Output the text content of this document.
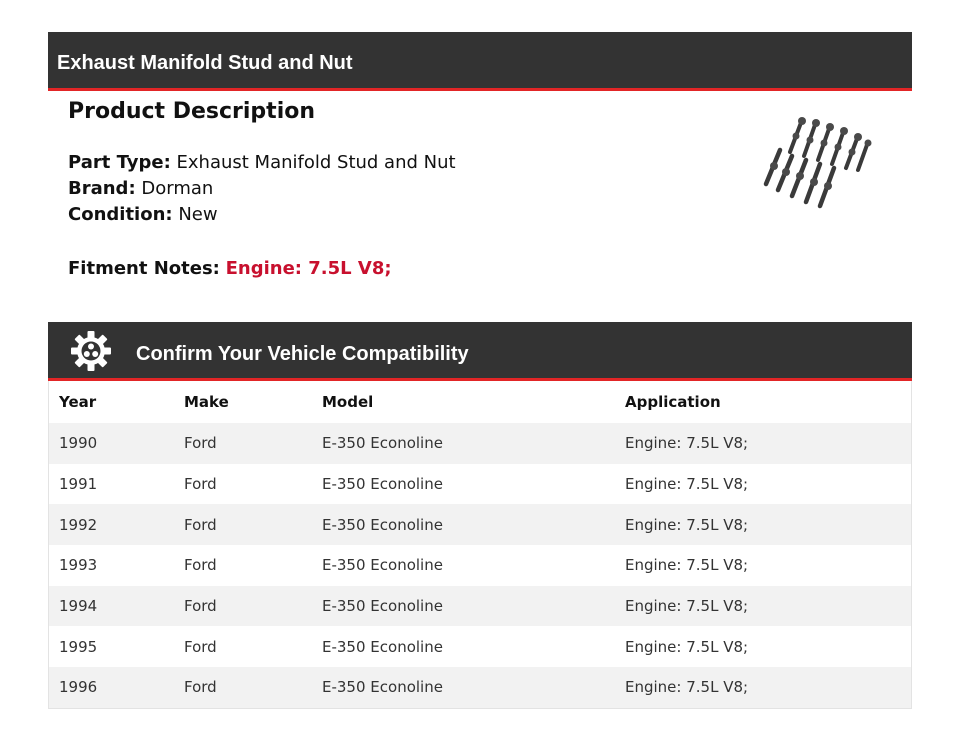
Exhaust Manifold Stud and Nut
Product Description
Part Type: Exhaust Manifold Stud and Nut
Brand: Dorman
Condition: New
Fitment Notes: Engine: 7.5L V8;
Confirm Your Vehicle Compatibility
Year	Make	Model	Application
1990	Ford	E-350 Econoline	Engine: 7.5L V8;
1991	Ford	E-350 Econoline	Engine: 7.5L V8;
1992	Ford	E-350 Econoline	Engine: 7.5L V8;
1993	Ford	E-350 Econoline	Engine: 7.5L V8;
1994	Ford	E-350 Econoline	Engine: 7.5L V8;
1995	Ford	E-350 Econoline	Engine: 7.5L V8;
1996	Ford	E-350 Econoline	Engine: 7.5L V8;
